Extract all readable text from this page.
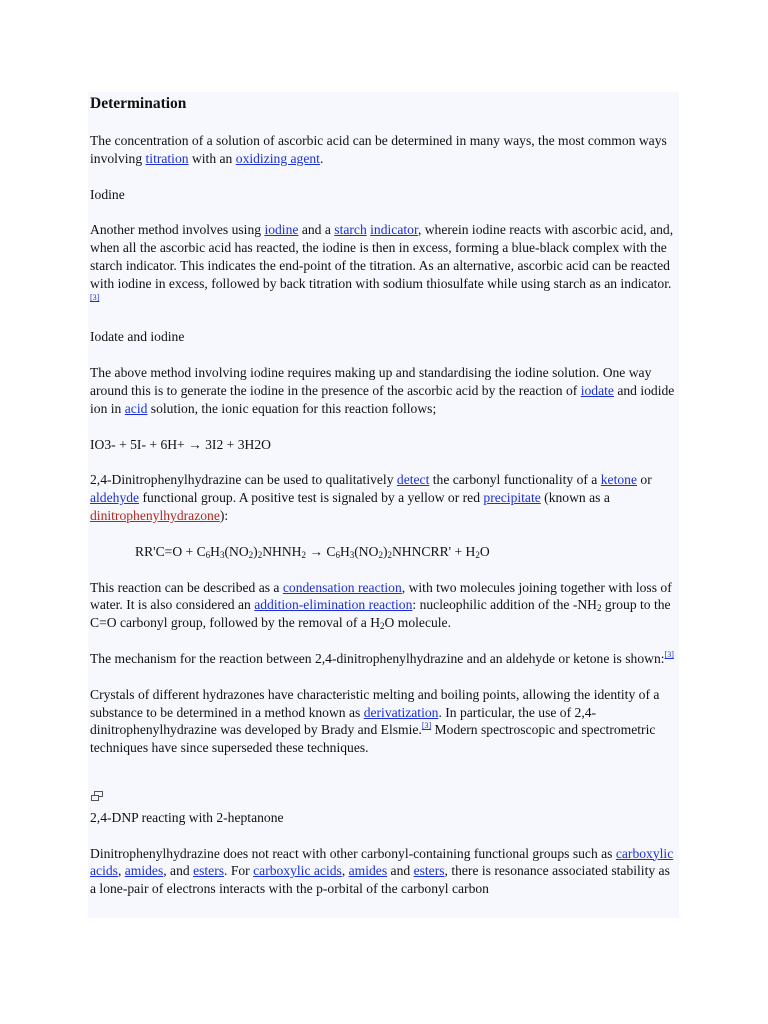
Determination

The concentration of a solution of ascorbic acid can be determined in many ways, the most common ways involving titration with an oxidizing agent.

Iodine

Another method involves using iodine and a starch indicator, wherein iodine reacts with ascorbic acid, and, when all the ascorbic acid has reacted, the iodine is then in excess, forming a blue-black complex with the starch indicator. This indicates the end-point of the titration. As an alternative, ascorbic acid can be reacted with iodine in excess, followed by back titration with sodium thiosulfate while using starch as an indicator.[3]

Iodate and iodine

The above method involving iodine requires making up and standardising the iodine solution. One way around this is to generate the iodine in the presence of the ascorbic acid by the reaction of iodate and iodide ion in acid solution, the ionic equation for this reaction follows;

IO3- + 5I- + 6H+ → 3I2 + 3H2O

2,4-Dinitrophenylhydrazine can be used to qualitatively detect the carbonyl functionality of a ketone or aldehyde functional group. A positive test is signaled by a yellow or red precipitate (known as a dinitrophenylhydrazone):

$RR'C=O + C_6H_3(NO_2)_2NHNH_2$ → $C_6H_3(NO_2)_2NHNCRR' + H_2O$

This reaction can be described as a condensation reaction, with two molecules joining together with loss of water. It is also considered an addition-elimination reaction: nucleophilic addition of the $-NH_2$ group to the C=O carbonyl group, followed by the removal of a $H_2O$ molecule.

The mechanism for the reaction between 2,4-dinitrophenylhydrazine and an aldehyde or ketone is shown:[3]

Crystals of different hydrazones have characteristic melting and boiling points, allowing the identity of a substance to be determined in a method known as derivatization. In particular, the use of 2,4-dinitrophenylhydrazine was developed by Brady and Elsmie.[3] Modern spectroscopic and spectrometric techniques have since superseded these techniques.

2,4-DNP reacting with 2-heptanone

Dinitrophenylhydrazine does not react with other carbonyl-containing functional groups such as carboxylic acids, amides, and esters. For carboxylic acids, amides and esters, there is resonance associated stability as a lone-pair of electrons interacts with the p-orbital of the carbonyl carbon
